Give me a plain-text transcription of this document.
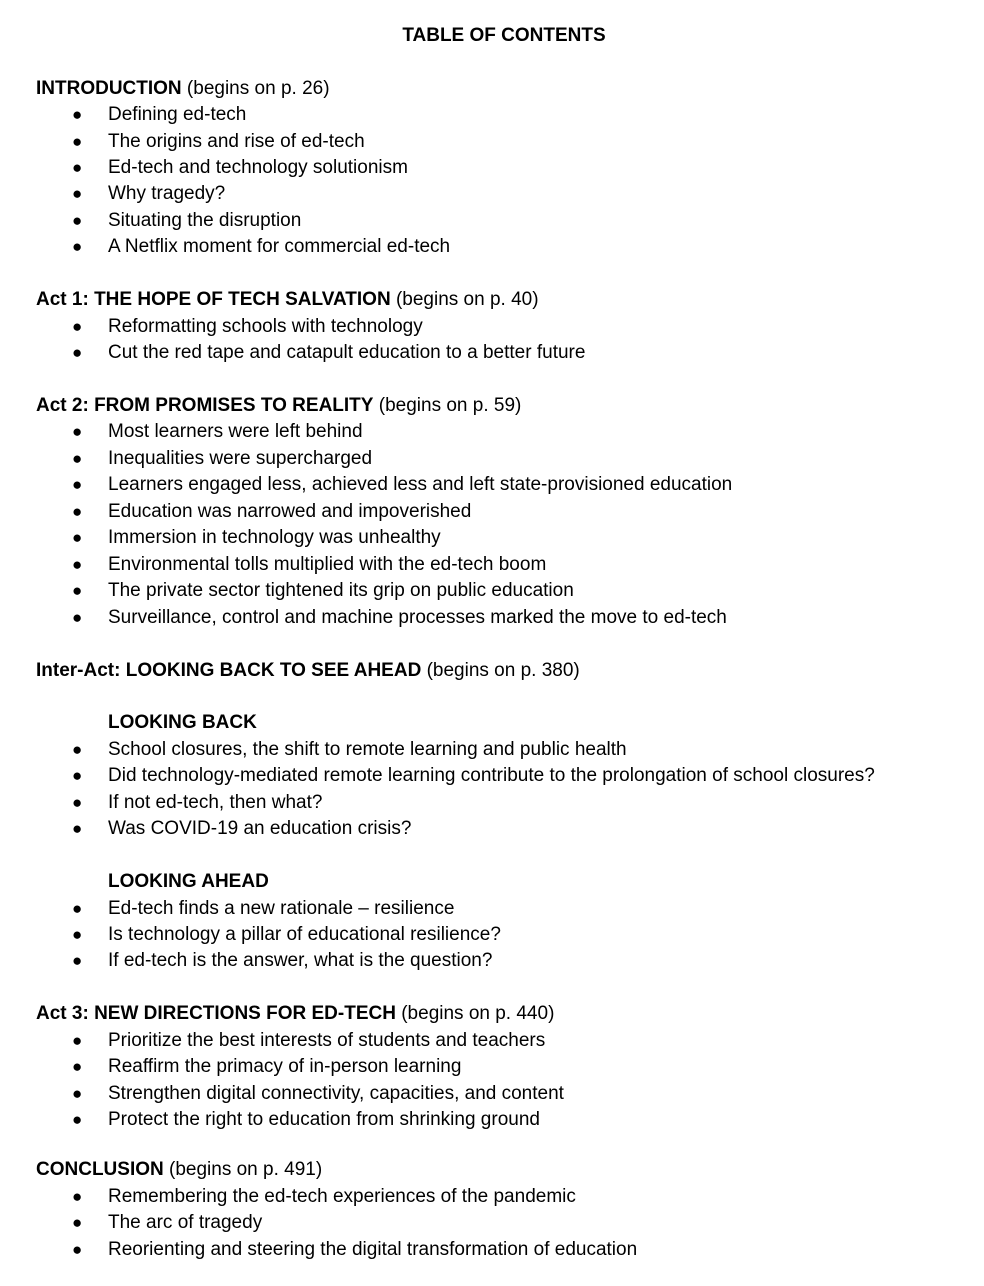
TABLE OF CONTENTS
INTRODUCTION (begins on p. 26)
● Defining ed-tech
● The origins and rise of ed-tech
● Ed-tech and technology solutionism
● Why tragedy?
● Situating the disruption
● A Netflix moment for commercial ed-tech
Act 1: THE HOPE OF TECH SALVATION (begins on p. 40)
● Reformatting schools with technology
● Cut the red tape and catapult education to a better future
Act 2: FROM PROMISES TO REALITY (begins on p. 59)
● Most learners were left behind
● Inequalities were supercharged
● Learners engaged less, achieved less and left state-provisioned education
● Education was narrowed and impoverished
● Immersion in technology was unhealthy
● Environmental tolls multiplied with the ed-tech boom
● The private sector tightened its grip on public education
● Surveillance, control and machine processes marked the move to ed-tech
Inter-Act: LOOKING BACK TO SEE AHEAD (begins on p. 380)
LOOKING BACK
● School closures, the shift to remote learning and public health
● Did technology-mediated remote learning contribute to the prolongation of school closures?
● If not ed-tech, then what?
● Was COVID-19 an education crisis?
LOOKING AHEAD
● Ed-tech finds a new rationale – resilience
● Is technology a pillar of educational resilience?
● If ed-tech is the answer, what is the question?
Act 3: NEW DIRECTIONS FOR ED-TECH (begins on p. 440)
● Prioritize the best interests of students and teachers
● Reaffirm the primacy of in-person learning
● Strengthen digital connectivity, capacities, and content
● Protect the right to education from shrinking ground
CONCLUSION (begins on p. 491)
● Remembering the ed-tech experiences of the pandemic
● The arc of tragedy
● Reorienting and steering the digital transformation of education
